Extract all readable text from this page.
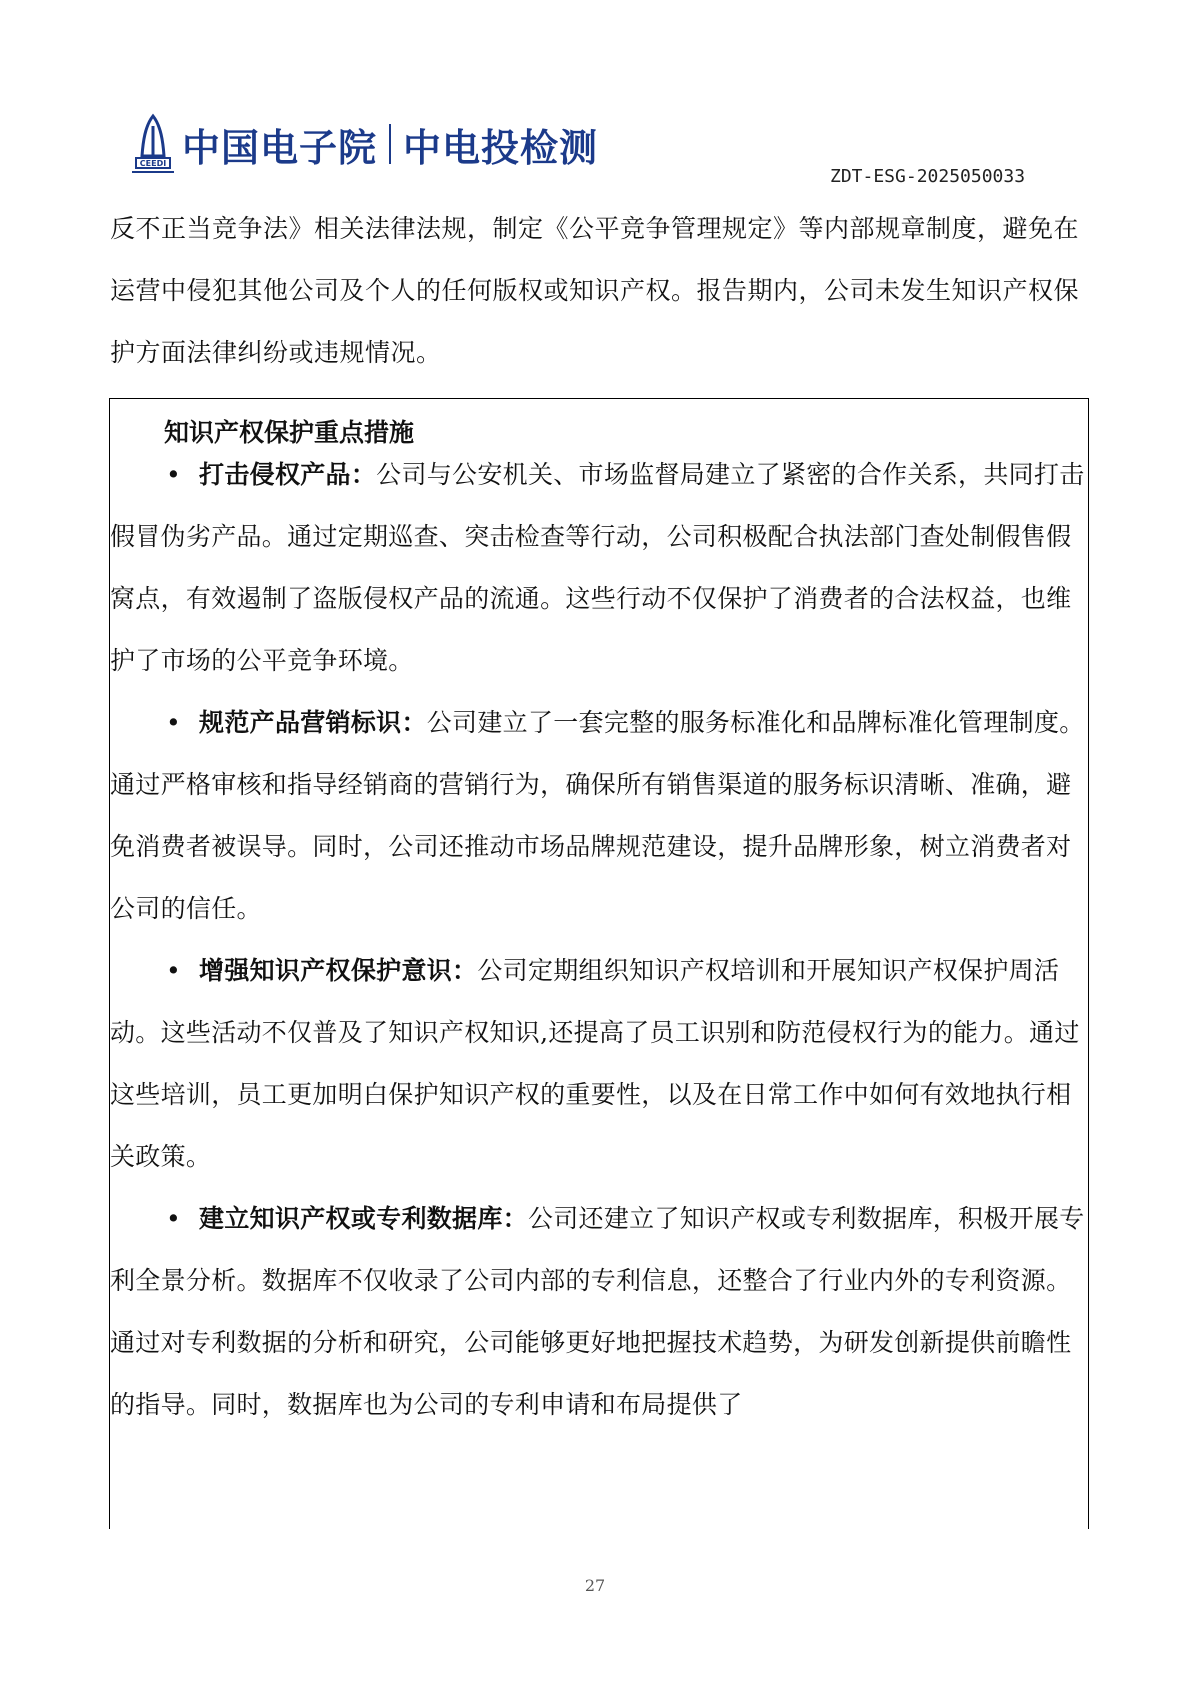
CEEDI 中国电子院 中电投检测
ZDT-ESG-2025050033

反不正当竞争法》相关法律法规，制定《公平竞争管理规定》等内部规章制度，避免在运营中侵犯其他公司及个人的任何版权或知识产权。报告期内，公司未发生知识产权保护方面法律纠纷或违规情况。

知识产权保护重点措施

• 打击侵权产品：公司与公安机关、市场监督局建立了紧密的合作关系，共同打击假冒伪劣产品。通过定期巡查、突击检查等行动，公司积极配合执法部门查处制假售假窝点，有效遏制了盗版侵权产品的流通。这些行动不仅保护了消费者的合法权益，也维护了市场的公平竞争环境。

• 规范产品营销标识：公司建立了一套完整的服务标准化和品牌标准化管理制度。通过严格审核和指导经销商的营销行为，确保所有销售渠道的服务标识清晰、准确，避免消费者被误导。同时，公司还推动市场品牌规范建设，提升品牌形象，树立消费者对公司的信任。

• 增强知识产权保护意识：公司定期组织知识产权培训和开展知识产权保护周活动。这些活动不仅普及了知识产权知识,还提高了员工识别和防范侵权行为的能力。通过这些培训，员工更加明白保护知识产权的重要性，以及在日常工作中如何有效地执行相关政策。

• 建立知识产权或专利数据库：公司还建立了知识产权或专利数据库，积极开展专利全景分析。数据库不仅收录了公司内部的专利信息，还整合了行业内外的专利资源。通过对专利数据的分析和研究，公司能够更好地把握技术趋势，为研发创新提供前瞻性的指导。同时，数据库也为公司的专利申请和布局提供了

27
